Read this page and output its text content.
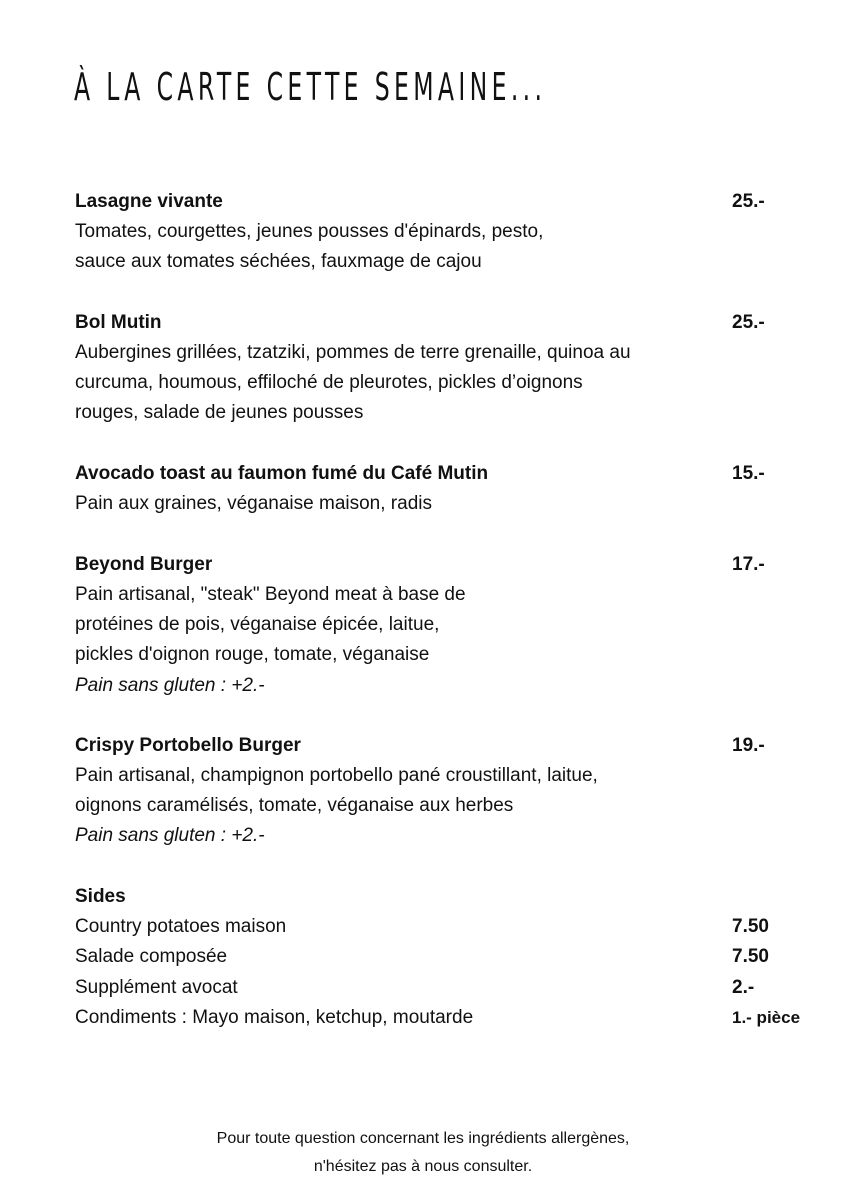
À LA CARTE CETTE SEMAINE...
Lasagne vivante	25.-
Tomates, courgettes, jeunes pousses d'épinards, pesto,
sauce aux tomates séchées, fauxmage de cajou
Bol Mutin	25.-
Aubergines grillées, tzatziki, pommes de terre grenaille, quinoa au
curcuma, houmous, effiloché de pleurotes, pickles d’oignons
rouges, salade de jeunes pousses
Avocado toast au faumon fumé du Café Mutin	15.-
Pain aux graines, véganaise maison, radis
Beyond Burger	17.-
Pain artisanal, "steak" Beyond meat à base de
protéines de pois, véganaise épicée, laitue,
pickles d'oignon rouge, tomate, véganaise
Pain sans gluten : +2.-
Crispy Portobello Burger	19.-
Pain artisanal, champignon portobello pané croustillant, laitue,
oignons caramélisés, tomate, véganaise aux herbes
Pain sans gluten : +2.-
Sides
Country potatoes maison	7.50
Salade composée	7.50
Supplément avocat	2.-
Condiments : Mayo maison, ketchup, moutarde	1.- pièce
Pour toute question concernant les ingrédients allergènes,
n'hésitez pas à nous consulter.
